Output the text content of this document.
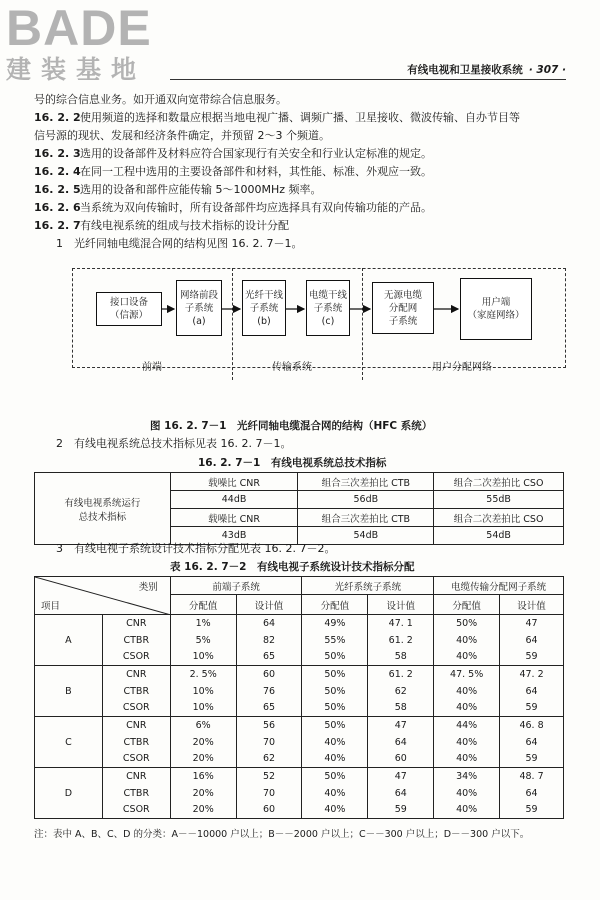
BADE
建装基地	有线电视和卫星接收系统 · 307 ·
号的综合信息业务。如开通双向宽带综合信息服务。
16. 2. 2使用频道的选择和数量应根据当地电视广播、调频广播、卫星接收、微波传输、自办节目等
信号源的现状、发展和经济条件确定，并预留 2～3 个频道。
16. 2. 3选用的设备部件及材料应符合国家现行有关安全和行业认定标准的规定。
16. 2. 4在同一工程中选用的主要设备部件和材料，其性能、标准、外观应一致。
16. 2. 5选用的设备和部件应能传输 5～1000MHz 频率。
16. 2. 6当系统为双向传输时，所有设备部件均应选择具有双向传输功能的产品。
16. 2. 7有线电视系统的组成与技术指标的设计分配
1　光纤同轴电缆混合网的结构见图 16. 2. 7－1。
接口设备
（信源）
网络前段
子系统
(a)
光纤干线
子系统
(b)
电缆干线
子系统
(c)
无源电缆
分配网
子系统
用户端
（家庭网络）
前端	传输系统	用户分配网络
图 16. 2. 7－1　光纤同轴电缆混合网的结构（HFC 系统）
2　有线电视系统总技术指标见表 16. 2. 7－1。
16. 2. 7－1　有线电视系统总技术指标
有线电视系统运行
总技术指标	载噪比 CNR	组合三次差拍比 CTB	组合二次差拍比 CSO
	44dB	56dB	55dB
	载噪比 CNR	组合三次差拍比 CTB	组合二次差拍比 CSO
	43dB	54dB	54dB
3　有线电视子系统设计技术指标分配见表 16. 2. 7－2。
表 16. 2. 7－2　有线电视子系统设计技术指标分配
类别
项目		前端子系统		光纤系统子系统		电缆传输分配网子系统	
		分配值	设计值	分配值	设计值	分配值	设计值
A	CNR	1%	64	49%	47. 1	50%	47
	CTBR	5%	82	55%	61. 2	40%	64
	CSOR	10%	65	50%	58	40%	59
B	CNR	2. 5%	60	50%	61. 2	47. 5%	47. 2
	CTBR	10%	76	50%	62	40%	64
	CSOR	10%	65	50%	58	40%	59
C	CNR	6%	56	50%	47	44%	46. 8
	CTBR	20%	70	40%	64	40%	64
	CSOR	20%	62	40%	60	40%	59
D	CNR	16%	52	50%	47	34%	48. 7
	CTBR	20%	70	40%	64	40%	64
	CSOR	20%	60	40%	59	40%	59
注：表中 A、B、C、D 的分类：A－－10000 户以上；B－－2000 户以上；C－－300 户以上；D－－300 户以下。
